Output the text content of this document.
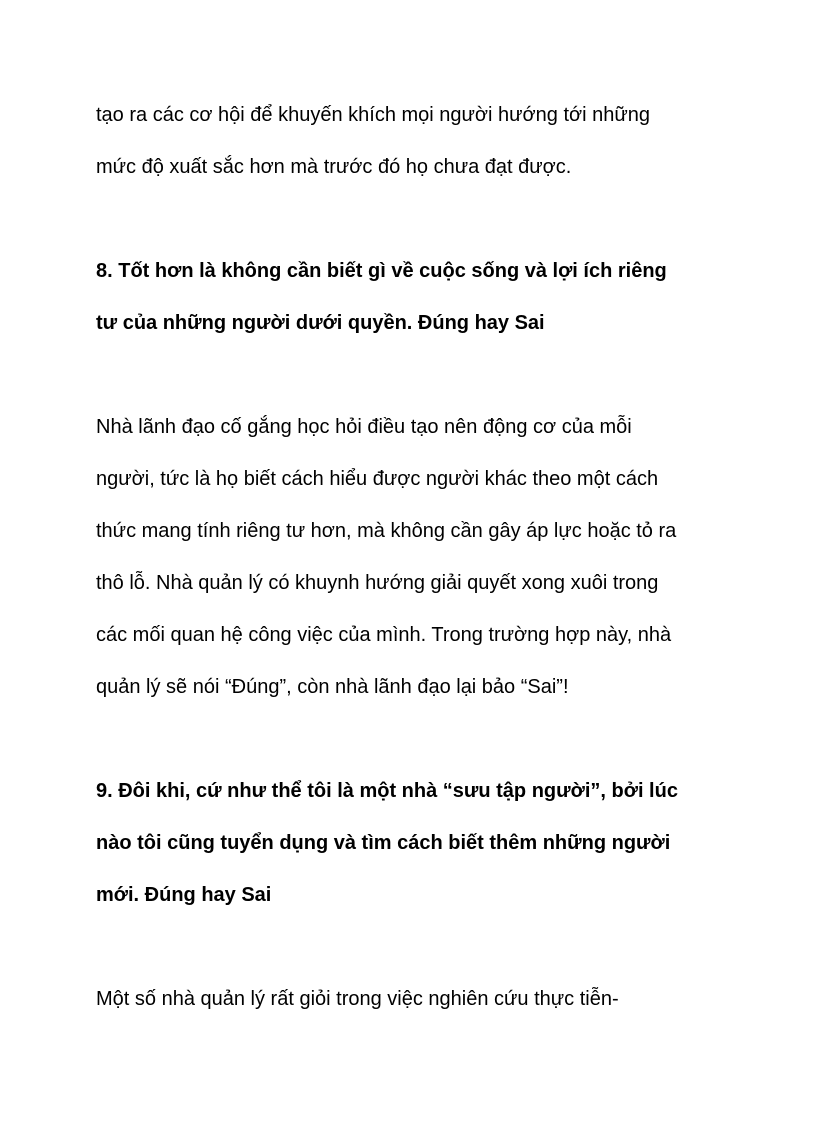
tạo ra các cơ hội để khuyến khích mọi người hướng tới những
mức độ xuất sắc hơn mà trước đó họ chưa đạt được.
8. Tốt hơn là không cần biết gì về cuộc sống và lợi ích riêng
tư của những người dưới quyền. Đúng hay Sai
Nhà lãnh đạo cố gắng học hỏi điều tạo nên động cơ của mỗi
người, tức là họ biết cách hiểu được người khác theo một cách
thức mang tính riêng tư hơn, mà không cần gây áp lực hoặc tỏ ra
thô lỗ. Nhà quản lý có khuynh hướng giải quyết xong xuôi trong
các mối quan hệ công việc của mình. Trong trường hợp này, nhà
quản lý sẽ nói “Đúng”, còn nhà lãnh đạo lại bảo “Sai”!
9. Đôi khi, cứ như thể tôi là một nhà “sưu tập người”, bởi lúc
nào tôi cũng tuyển dụng và tìm cách biết thêm những người
mới. Đúng hay Sai
Một số nhà quản lý rất giỏi trong việc nghiên cứu thực tiễn-
